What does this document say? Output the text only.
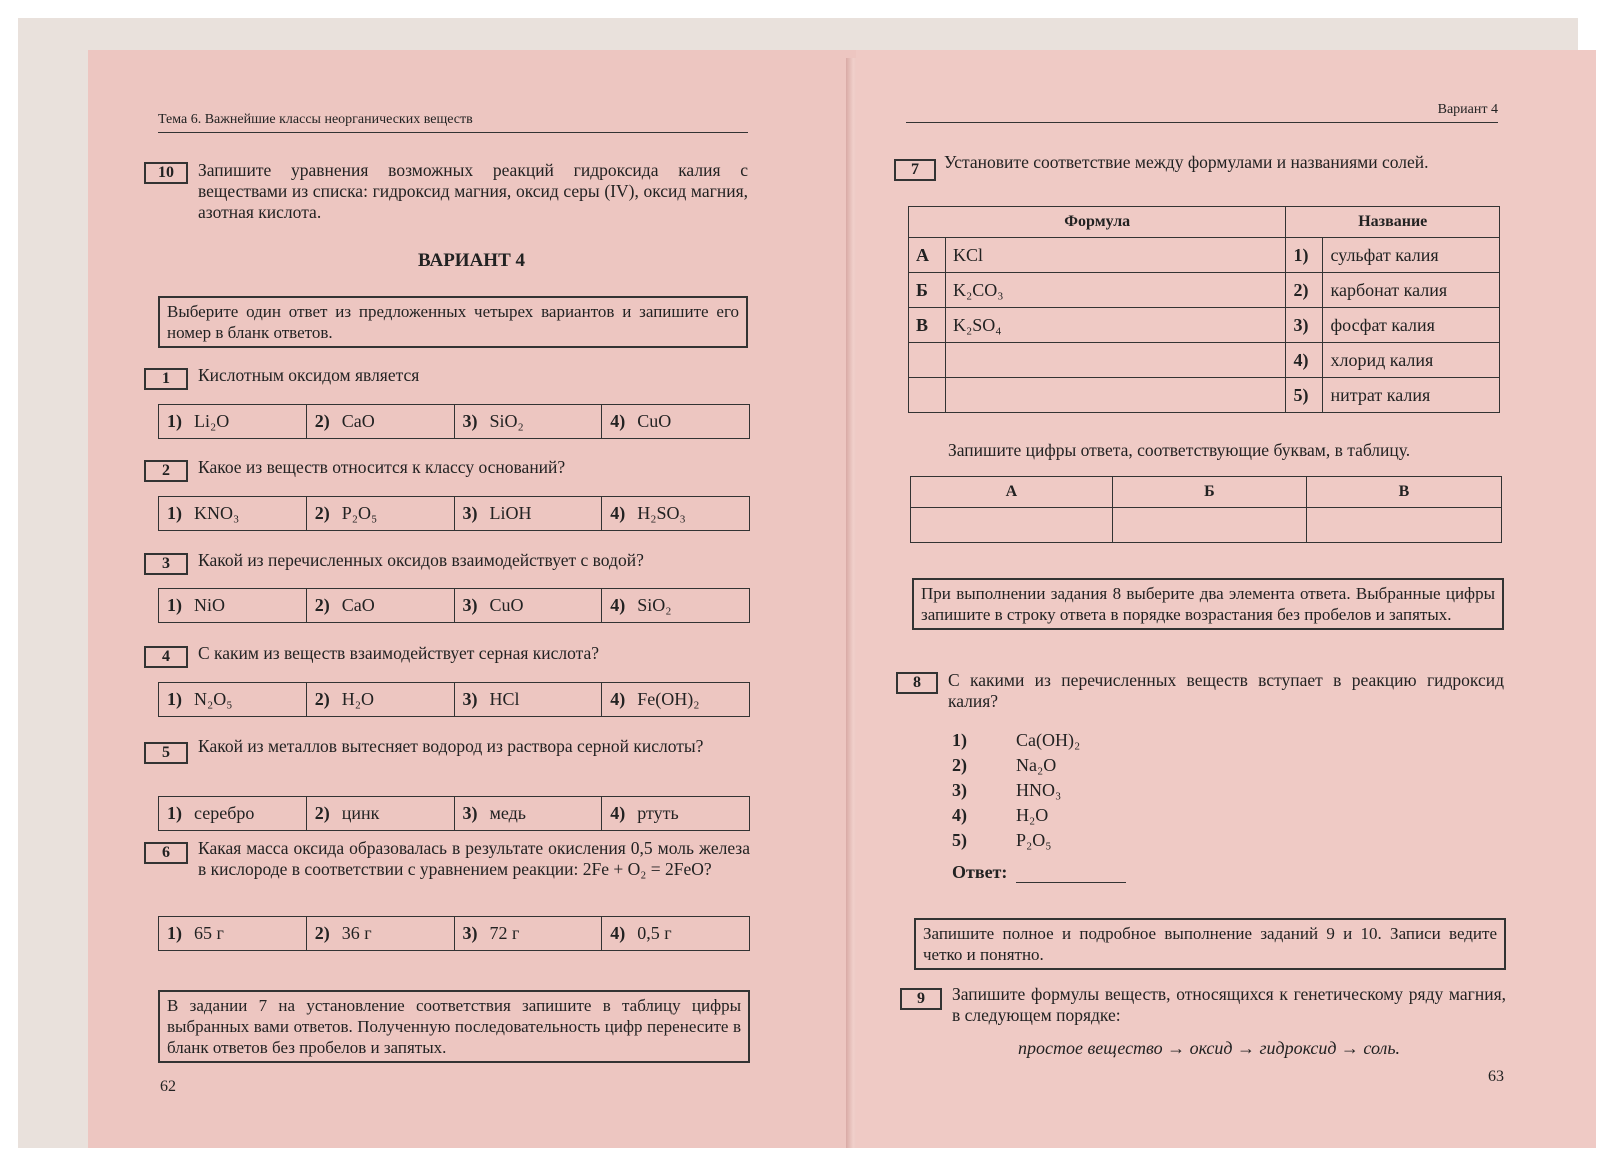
Тема 6. Важнейшие классы неорганических веществ
10	Запишите уравнения возможных реакций гидроксида калия с веществами из списка: гидроксид магния, оксид серы (IV), оксид магния, азотная кислота.
ВАРИАНТ 4
Выберите один ответ из предложенных четырех вариантов и запишите его номер в бланк ответов.
1	Кислотным оксидом является
1) Li₂O	2) CaO	3) SiO₂	4) CuO
2	Какое из веществ относится к классу оснований?
1) KNO₃	2) P₂O₅	3) LiOH	4) H₂SO₃
3	Какой из перечисленных оксидов взаимодействует с водой?
1) NiO	2) CaO	3) CuO	4) SiO₂
4	С каким из веществ взаимодействует серная кислота?
1) N₂O₅	2) H₂O	3) HCl	4) Fe(OH)₂
5	Какой из металлов вытесняет водород из раствора серной кислоты?
1) серебро	2) цинк	3) медь	4) ртуть
6	Какая масса оксида образовалась в результате окисления 0,5 моль железа в кислороде в соответствии с уравнением реакции: 2Fe + O₂ = 2FeO?
1) 65 г	2) 36 г	3) 72 г	4) 0,5 г
В задании 7 на установление соответствия запишите в таблицу цифры выбранных вами ответов. Полученную последовательность цифр перенесите в бланк ответов без пробелов и запятых.
62
Вариант 4
7	Установите соответствие между формулами и названиями солей.
Формула		Название	
А	KCl	1)	сульфат калия
Б	K₂CO₃	2)	карбонат калия
В	K₂SO₄	3)	фосфат калия
		4)	хлорид калия
		5)	нитрат калия
Запишите цифры ответа, соответствующие буквам, в таблицу.
А	Б	В

При выполнении задания 8 выберите два элемента ответа. Выбранные цифры запишите в строку ответа в порядке возрастания без пробелов и запятых.
8	С какими из перечисленных веществ вступает в реакцию гидроксид калия?
1)	Ca(OH)₂
2)	Na₂O
3)	HNO₃
4)	H₂O
5)	P₂O₅
Ответ:
Запишите полное и подробное выполнение заданий 9 и 10. Записи ведите четко и понятно.
9	Запишите формулы веществ, относящихся к генетическому ряду магния, в следующем порядке:
простое вещество → оксид → гидроксид → соль.
63
